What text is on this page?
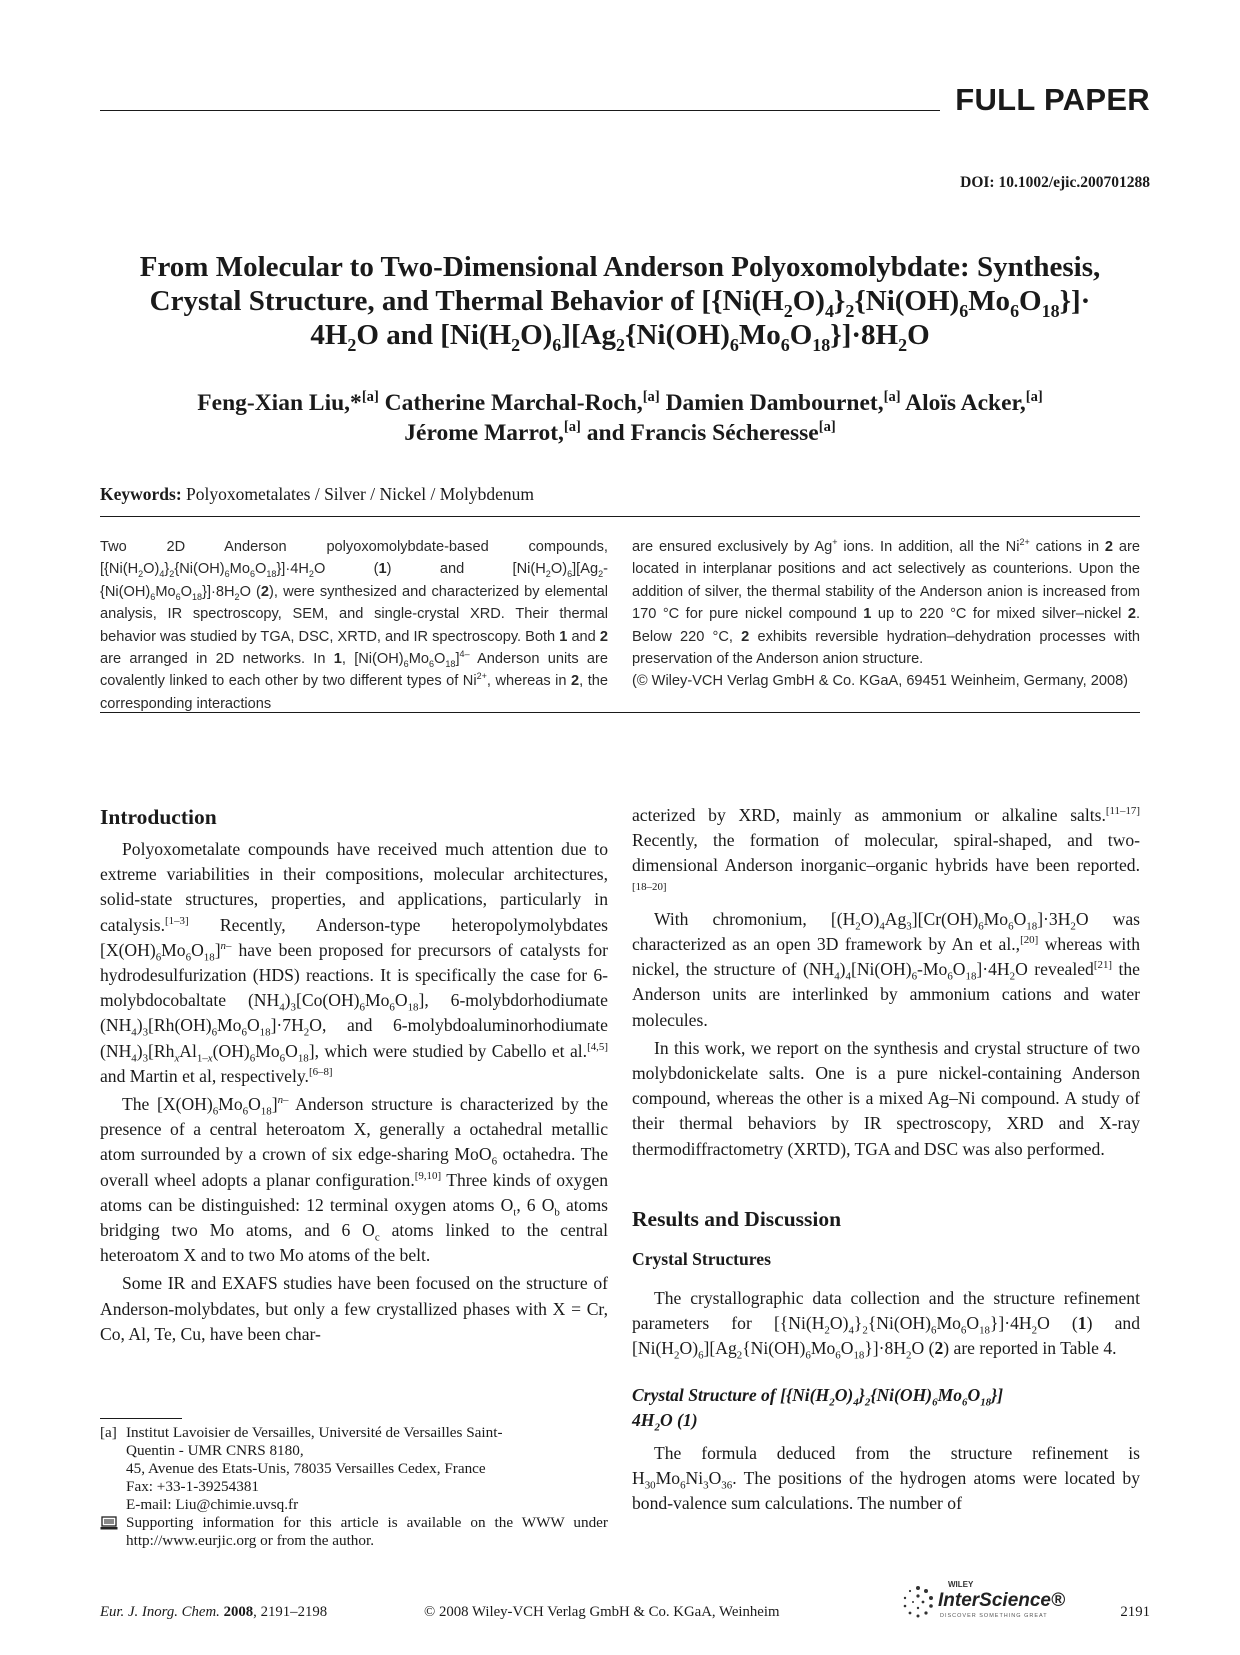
FULL PAPER
DOI: 10.1002/ejic.200701288
From Molecular to Two-Dimensional Anderson Polyoxomolybdate: Synthesis,
Crystal Structure, and Thermal Behavior of $[\{Ni(H_2O)_4\}_2\{Ni(OH)_6Mo_6O_{18}\}]\cdot$
$4H_2O$ and $[Ni(H_2O)_6][Ag_2\{Ni(OH)_6Mo_6O_{18}\}]\cdot 8H_2O$
Feng-Xian Liu,*[a] Catherine Marchal-Roch,[a] Damien Dambournet,[a] Aloïs Acker,[a]
Jérome Marrot,[a] and Francis Sécheresse[a]
Keywords: Polyoxometalates / Silver / Nickel / Molybdenum
Two 2D Anderson polyoxomolybdate-based compounds, $[\{Ni(H_2O)_4\}_2\{Ni(OH)_6Mo_6O_{18}\}]\cdot 4H_2O$ (1) and $[Ni(H_2O)_6][Ag_2-\{Ni(OH)_6Mo_6O_{18}\}]\cdot 8H_2O$ (2), were synthesized and characterized by elemental analysis, IR spectroscopy, SEM, and single-crystal XRD. Their thermal behavior was studied by TGA, DSC, XRTD, and IR spectroscopy. Both 1 and 2 are arranged in 2D networks. In 1, $[Ni(OH)_6Mo_6O_{18}]^{4-}$ Anderson units are covalently linked to each other by two different types of $Ni^{2+}$, whereas in 2, the corresponding interactions
are ensured exclusively by Ag+ ions. In addition, all the $Ni^{2+}$ cations in 2 are located in interplanar positions and act selectively as counterions. Upon the addition of silver, the thermal stability of the Anderson anion is increased from 170 °C for pure nickel compound 1 up to 220 °C for mixed silver–nickel 2. Below 220 °C, 2 exhibits reversible hydration–dehydration processes with preservation of the Anderson anion structure.
(© Wiley-VCH Verlag GmbH & Co. KGaA, 69451 Weinheim, Germany, 2008)
Introduction

Polyoxometalate compounds have received much attention due to extreme variabilities in their compositions, molecular architectures, solid-state structures, properties, and applications, particularly in catalysis.[1–3] Recently, Anderson-type heteropolymolybdates $[X(OH)_6Mo_6O_{18}]^{n-}$ have been proposed for precursors of catalysts for hydrodesulfurization (HDS) reactions. It is specifically the case for 6-molybdocobaltate $(NH_4)_3[Co(OH)_6Mo_6O_{18}]$, 6-molybdorhodiumate $(NH_4)_3[Rh(OH)_6Mo_6O_{18}]\cdot 7H_2O$, and 6-molybdoaluminorhodiumate $(NH_4)_3[Rh_xAl_{1-x}(OH)_6Mo_6O_{18}]$, which were studied by Cabello et al.[4,5] and Martin et al, respectively.[6–8]

The $[X(OH)_6Mo_6O_{18}]^{n-}$ Anderson structure is characterized by the presence of a central heteroatom X, generally a octahedral metallic atom surrounded by a crown of six edge-sharing MoO$_6$ octahedra. The overall wheel adopts a planar configuration.[9,10] Three kinds of oxygen atoms can be distinguished: 12 terminal oxygen atoms $O_t$, 6 $O_b$ atoms bridging two Mo atoms, and 6 $O_c$ atoms linked to the central heteroatom X and to two Mo atoms of the belt.

Some IR and EXAFS studies have been focused on the structure of Anderson-molybdates, but only a few crystallized phases with X = Cr, Co, Al, Te, Cu, have been char-

acterized by XRD, mainly as ammonium or alkaline salts.[11–17] Recently, the formation of molecular, spiral-shaped, and two-dimensional Anderson inorganic–organic hybrids have been reported.[18–20]

With chromonium, $[(H_2O)_4Ag_3][Cr(OH)_6Mo_6O_{18}]\cdot 3H_2O$ was characterized as an open 3D framework by An et al.,[20] whereas with nickel, the structure of $(NH_4)_4[Ni(OH)_6-Mo_6O_{18}]\cdot 4H_2O$ revealed[21] the Anderson units are interlinked by ammonium cations and water molecules.

In this work, we report on the synthesis and crystal structure of two molybdonickelate salts. One is a pure nickel-containing Anderson compound, whereas the other is a mixed Ag–Ni compound. A study of their thermal behaviors by IR spectroscopy, XRD and X-ray thermodiffractometry (XRTD), TGA and DSC was also performed.

Results and Discussion
Crystal Structures

The crystallographic data collection and the structure refinement parameters for $[\{Ni(H_2O)_4\}_2\{Ni(OH)_6Mo_6O_{18}\}]\cdot 4H_2O$ (1) and $[Ni(H_2O)_6][Ag_2\{Ni(OH)_6Mo_6O_{18}\}]\cdot 8H_2O$ (2) are reported in Table 4.

Crystal Structure of $[\{Ni(H_2O)_4\}_2\{Ni(OH)_6Mo_6O_{18}\}]$
$4H_2O$ (1)

The formula deduced from the structure refinement is $H_{30}Mo_6Ni_3O_{36}$. The positions of the hydrogen atoms were located by bond-valence sum calculations. The number of

[a] Institut Lavoisier de Versailles, Université de Versailles Saint-
Quentin - UMR CNRS 8180,
45, Avenue des Etats-Unis, 78035 Versailles Cedex, France
Fax: +33-1-39254381
E-mail: Liu@chimie.uvsq.fr
Supporting information for this article is available on the WWW under http://www.eurjic.org or from the author.
Eur. J. Inorg. Chem. 2008, 2191–2198	© 2008 Wiley-VCH Verlag GmbH & Co. KGaA, Weinheim
WILEY
InterScience®
DISCOVER SOMETHING GREAT	2191
